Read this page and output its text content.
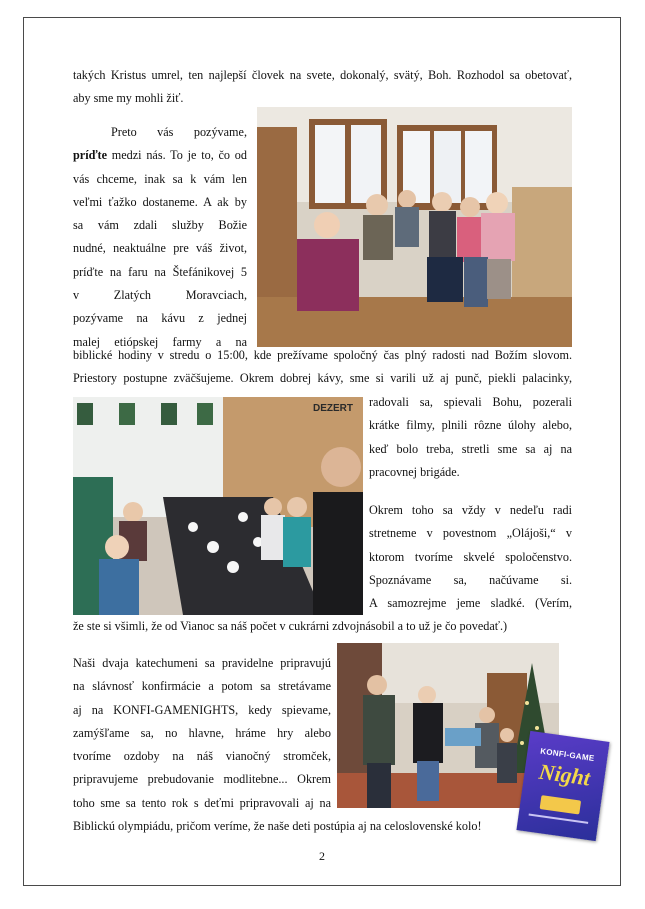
takých Kristus umrel, ten najlepší človek na svete, dokonalý, svätý, Boh. Rozhodol sa obetovať,
aby sme my mohli žiť.
Preto vás pozývame,
príďte medzi nás. To je to, čo od
vás chceme, inak sa k vám len
veľmi ťažko dostaneme. A ak by
sa vám zdali služby Božie
nudné, neaktuálne pre váš život,
príďte na faru na Štefánikovej 5
v Zlatých Moravciach,
pozývame na kávu z jednej
malej etiópskej farmy a na
biblické hodiny v stredu o 15:00, kde prežívame spoločný čas plný radosti nad Božím slovom.
Priestory postupne zväčšujeme. Okrem dobrej kávy, sme si varili už aj punč, piekli palacinky,
DEZERT radovali sa, spievali Bohu, pozerali
krátke filmy, plnili rôzne úlohy alebo,
keď bolo treba, stretli sme sa aj na
pracovnej brigáde.
Okrem toho sa vždy v nedeľu radi
stretneme v povestnom „Olájoši,“ v
ktorom tvoríme skvelé spoločenstvo.
Spoznávame sa, načúvame si.
A samozrejme jeme sladké. (Verím,
že ste si všimli, že od Vianoc sa náš počet v cukrárni zdvojnásobil a to už je čo povedať.)
Naši dvaja katechumeni sa pravidelne pripravujú
na slávnosť konfirmácie a potom sa stretávame
aj na KONFI-GAMENIGHTS, kedy spievame,
zamýšľame sa, no hlavne, hráme hry alebo
tvoríme ozdoby na náš vianočný stromček,
pripravujeme prebudovanie modlitebne... Okrem
toho sme sa tento rok s deťmi pripravovali aj na
Biblickú olympiádu, pričom veríme, že naše deti postúpia aj na celoslovenské kolo!
KONFI-GAME
Night
2
